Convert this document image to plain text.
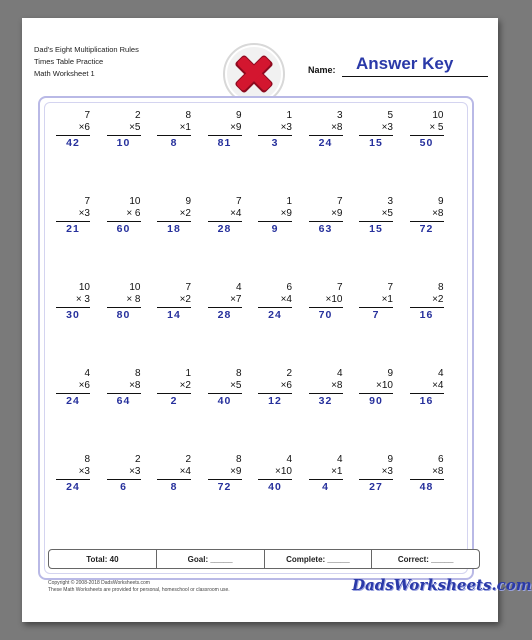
Dad's Eight Multiplication Rules
Times Table Practice
Math Worksheet 1	Name: Answer Key
7
×6
42
2
×5
10
8
×1
8
9
×9
81
1
×3
3
3
×8
24
5
×3
15
10
× 5
50
7
×3
21
10
× 6
60
9
×2
18
7
×4
28
1
×9
9
7
×9
63
3
×5
15
9
×8
72
10
× 3
30
10
× 8
80
7
×2
14
4
×7
28
6
×4
24
7
×10
70
7
×1
7
8
×2
16
4
×6
24
8
×8
64
1
×2
2
8
×5
40
2
×6
12
4
×8
32
9
×10
90
4
×4
16
8
×3
24
2
×3
6
2
×4
8
8
×9
72
4
×10
40
4
×1
4
9
×3
27
6
×8
48
Total: 40	Goal: _____	Complete: _____	Correct: _____
Copyright © 2008-2018 DadsWorksheets.com
These Math Worksheets are provided for personal, homeschool or classroom use.	DadsWorksheets.com
